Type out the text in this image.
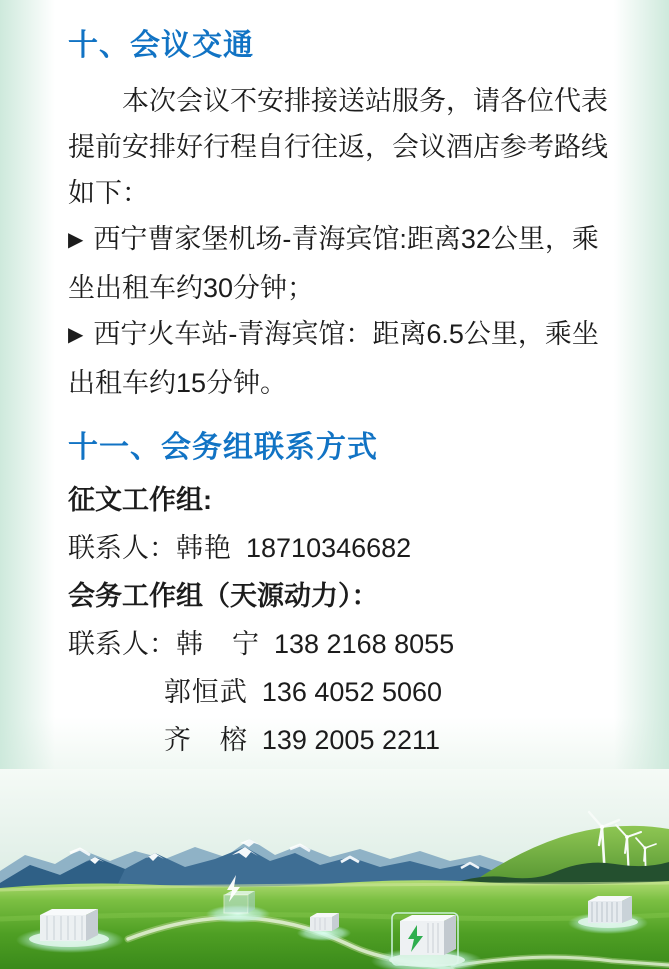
十、会议交通

本次会议不安排接送站服务，请各位代表提前安排好行程自行往返，会议酒店参考路线如下：

▶ 西宁曹家堡机场-青海宾馆:距离32公里，乘坐出租车约30分钟；

▶ 西宁火车站-青海宾馆：距离6.5公里，乘坐出租车约15分钟。

十一、会务组联系方式

征文工作组:

联系人：韩艳 18710346682

会务工作组（天源动力）：

联系人：韩　宁 138 2168 8055

郭恒武 136 4052 5060

齐　榕 139 2005 2211
